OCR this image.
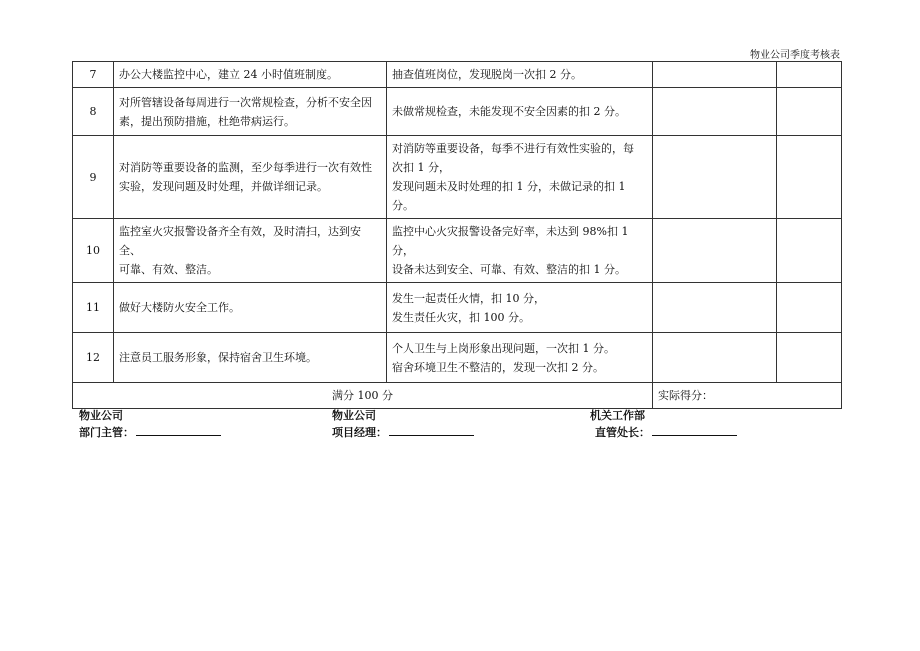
物业公司季度考核表
7	办公大楼监控中心，建立 24 小时值班制度。	抽查值班岗位，发现脱岗一次扣 2 分。		

8	对所管辖设备每周进行一次常规检查，分析不安全因
素，提出预防措施，杜绝带病运行。	未做常规检查，未能发现不安全因素的扣 2 分。		

9	对消防等重要设备的监测，至少每季进行一次有效性
实验，发现问题及时处理，并做详细记录。	对消防等重要设备，每季不进行有效性实验的，每
次扣 1 分，
发现问题未及时处理的扣 1 分，未做记录的扣 1 分。		

10	监控室火灾报警设备齐全有效，及时清扫，达到安全、
可靠、有效、整洁。	监控中心火灾报警设备完好率，未达到 98%扣 1 分，
设备未达到安全、可靠、有效、整洁的扣 1 分。		

11	做好大楼防火安全工作。	发生一起责任火情，扣 10 分，
发生责任火灾，扣 100 分。		

12	注意员工服务形象，保持宿舍卫生环境。	个人卫生与上岗形象出现问题，一次扣 1 分。
宿舍环境卫生不整洁的，发现一次扣 2 分。		

满分 100 分			实际得分：	
物业公司
部门主管：
物业公司
项目经理：
机关工作部
直管处长：
